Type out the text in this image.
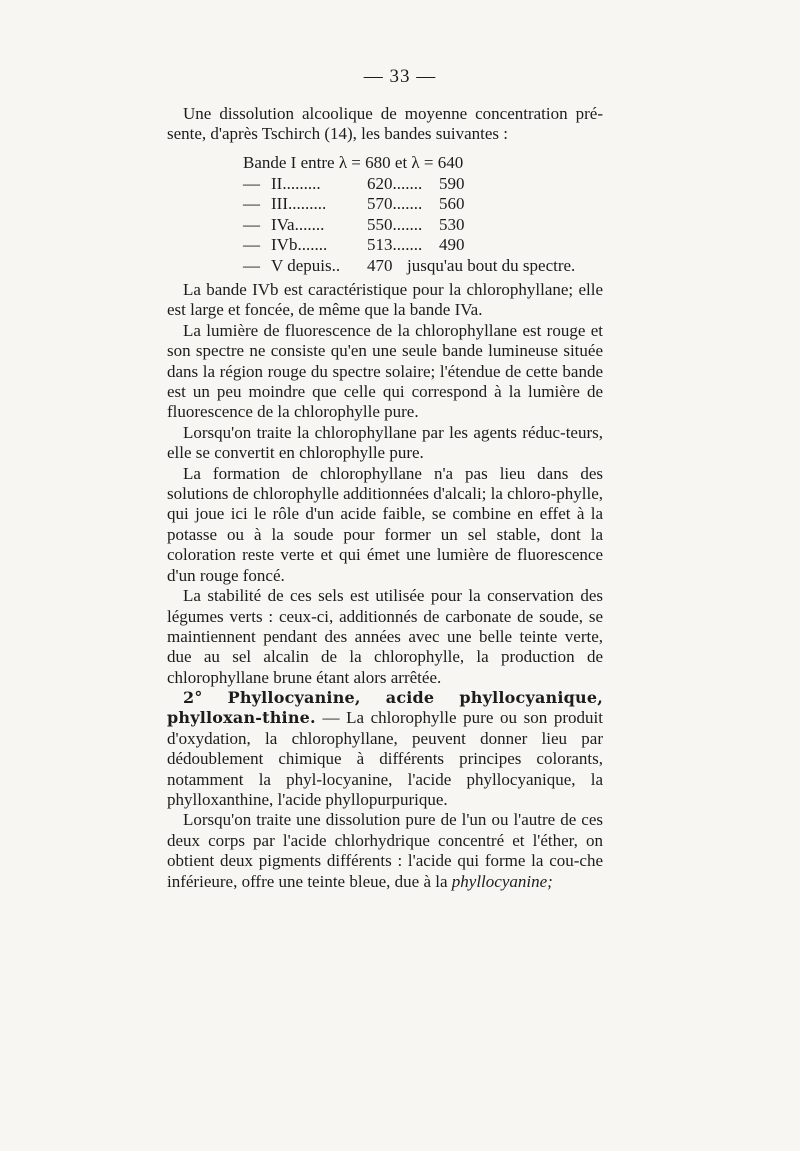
— 33 —

Une dissolution alcoolique de moyenne concentration pré-sente, d'après Tschirch (14), les bandes suivantes :

Bande I entre λ = 680 et λ = 640
— II.........	620....... 590
— III.........	570....... 560
— IVa.......	550....... 530
— IVb.......	513....... 490
— V depuis..	470 jusqu'au bout du spectre.

La bande IVb est caractéristique pour la chlorophyllane; elle est large et foncée, de même que la bande IVa.

La lumière de fluorescence de la chlorophyllane est rouge et son spectre ne consiste qu'en une seule bande lumineuse située dans la région rouge du spectre solaire; l'étendue de cette bande est un peu moindre que celle qui correspond à la lumière de fluorescence de la chlorophylle pure.

Lorsqu'on traite la chlorophyllane par les agents réduc-teurs, elle se convertit en chlorophylle pure.

La formation de chlorophyllane n'a pas lieu dans des solutions de chlorophylle additionnées d'alcali; la chloro-phylle, qui joue ici le rôle d'un acide faible, se combine en effet à la potasse ou à la soude pour former un sel stable, dont la coloration reste verte et qui émet une lumière de fluorescence d'un rouge foncé.

La stabilité de ces sels est utilisée pour la conservation des légumes verts : ceux-ci, additionnés de carbonate de soude, se maintiennent pendant des années avec une belle teinte verte, due au sel alcalin de la chlorophylle, la production de chlorophyllane brune étant alors arrêtée.

2° Phyllocyanine, acide phyllocyanique, phylloxan-thine. — La chlorophylle pure ou son produit d'oxydation, la chlorophyllane, peuvent donner lieu par dédoublement chimique à différents principes colorants, notamment la phyl-locyanine, l'acide phyllocyanique, la phylloxanthine, l'acide phyllopurpurique.

Lorsqu'on traite une dissolution pure de l'un ou l'autre de ces deux corps par l'acide chlorhydrique concentré et l'éther, on obtient deux pigments différents : l'acide qui forme la cou-che inférieure, offre une teinte bleue, due à la phyllocyanine;
